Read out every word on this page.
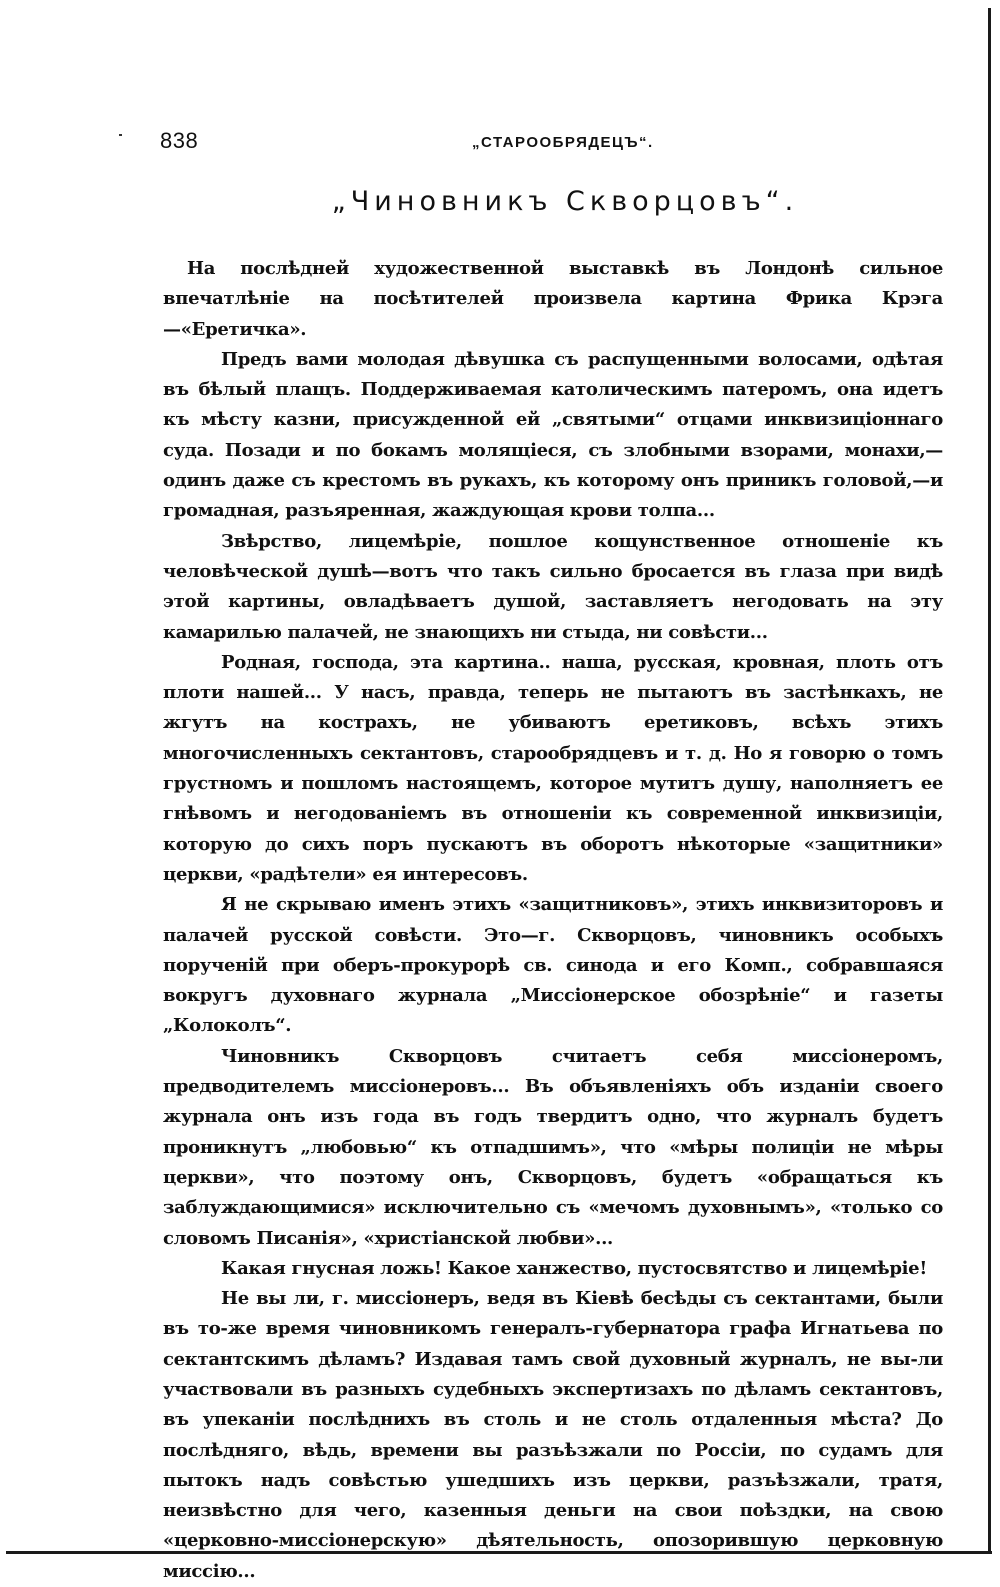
838	„СТАРООБРЯДЕЦЪ“.
„Чиновникъ Скворцовъ“.

На послѣдней художественной выставкѣ въ Лондонѣ сильное впечатлѣніе на посѣтителей произвела картина Фрика Крэга—«Еретичка».

Предъ вами молодая дѣвушка съ распущенными волосами, одѣтая въ бѣлый плащъ. Поддерживаемая католическимъ патеромъ, она идетъ къ мѣсту казни, присужденной ей „святыми“ отцами инквизиціоннаго суда. Позади и по бокамъ молящіеся, съ злобными взорами, монахи,—одинъ даже съ крестомъ въ рукахъ, къ которому онъ приникъ головой,—и громадная, разъяренная, жаждующая крови толпа...

Звѣрство, лицемѣріе, пошлое кощунственное отношеніе къ человѣческой душѣ—вотъ что такъ сильно бросается въ глаза при видѣ этой картины, овладѣваетъ душой, заставляетъ негодовать на эту камарилью палачей, не знающихъ ни стыда, ни совѣсти...

Родная, господа, эта картина.. наша, русская, кровная, плоть отъ плоти нашей... У насъ, правда, теперь не пытаютъ въ застѣнкахъ, не жгутъ на кострахъ, не убиваютъ еретиковъ, всѣхъ этихъ многочисленныхъ сектантовъ, старообрядцевъ и т. д. Но я говорю о томъ грустномъ и пошломъ настоящемъ, которое мутитъ душу, наполняетъ ее гнѣвомъ и негодованіемъ въ отношеніи къ современной инквизиціи, которую до сихъ поръ пускаютъ въ оборотъ нѣкоторые «защитники» церкви, «радѣтели» ея интересовъ.

Я не скрываю именъ этихъ «защитниковъ», этихъ инквизиторовъ и палачей русской совѣсти. Это—г. Скворцовъ, чиновникъ особыхъ порученій при оберъ-прокурорѣ св. синода и его Комп., собравшаяся вокругъ духовнаго журнала „Миссіонерское обозрѣніе“ и газеты „Колоколъ“.

Чиновникъ Скворцовъ считаетъ себя миссіонеромъ, предводителемъ миссіонеровъ... Въ объявленіяхъ объ изданіи своего журнала онъ изъ года въ годъ твердитъ одно, что журналъ будетъ проникнутъ „любовью“ къ отпадшимъ», что «мѣры полиціи не мѣры церкви», что поэтому онъ, Скворцовъ, будетъ «обращаться къ заблуждающимися» исключительно съ «мечомъ духовнымъ», «только со словомъ Писанія», «христіанской любви»...

Какая гнусная ложь! Какое ханжество, пустосвятство и лицемѣріе!

Не вы ли, г. миссіонеръ, ведя въ Кіевѣ бесѣды съ сектантами, были въ то-же время чиновникомъ генералъ-губернатора графа Игнатьева по сектантскимъ дѣламъ? Издавая тамъ свой духовный журналъ, не вы-ли участвовали въ разныхъ судебныхъ экспертизахъ по дѣламъ сектантовъ, въ упеканіи послѣднихъ въ столь и не столь отдаленныя мѣста? До послѣдняго, вѣдь, времени вы разъѣзжали по Россіи, по судамъ для пытокъ надъ совѣстью ушедшихъ изъ церкви, разъѣзжали, тратя, неизвѣстно для чего, казенныя деньги на свои поѣздки, на свою «церковно-миссіонерскую» дѣятельность, опозорившую церковную миссію...
